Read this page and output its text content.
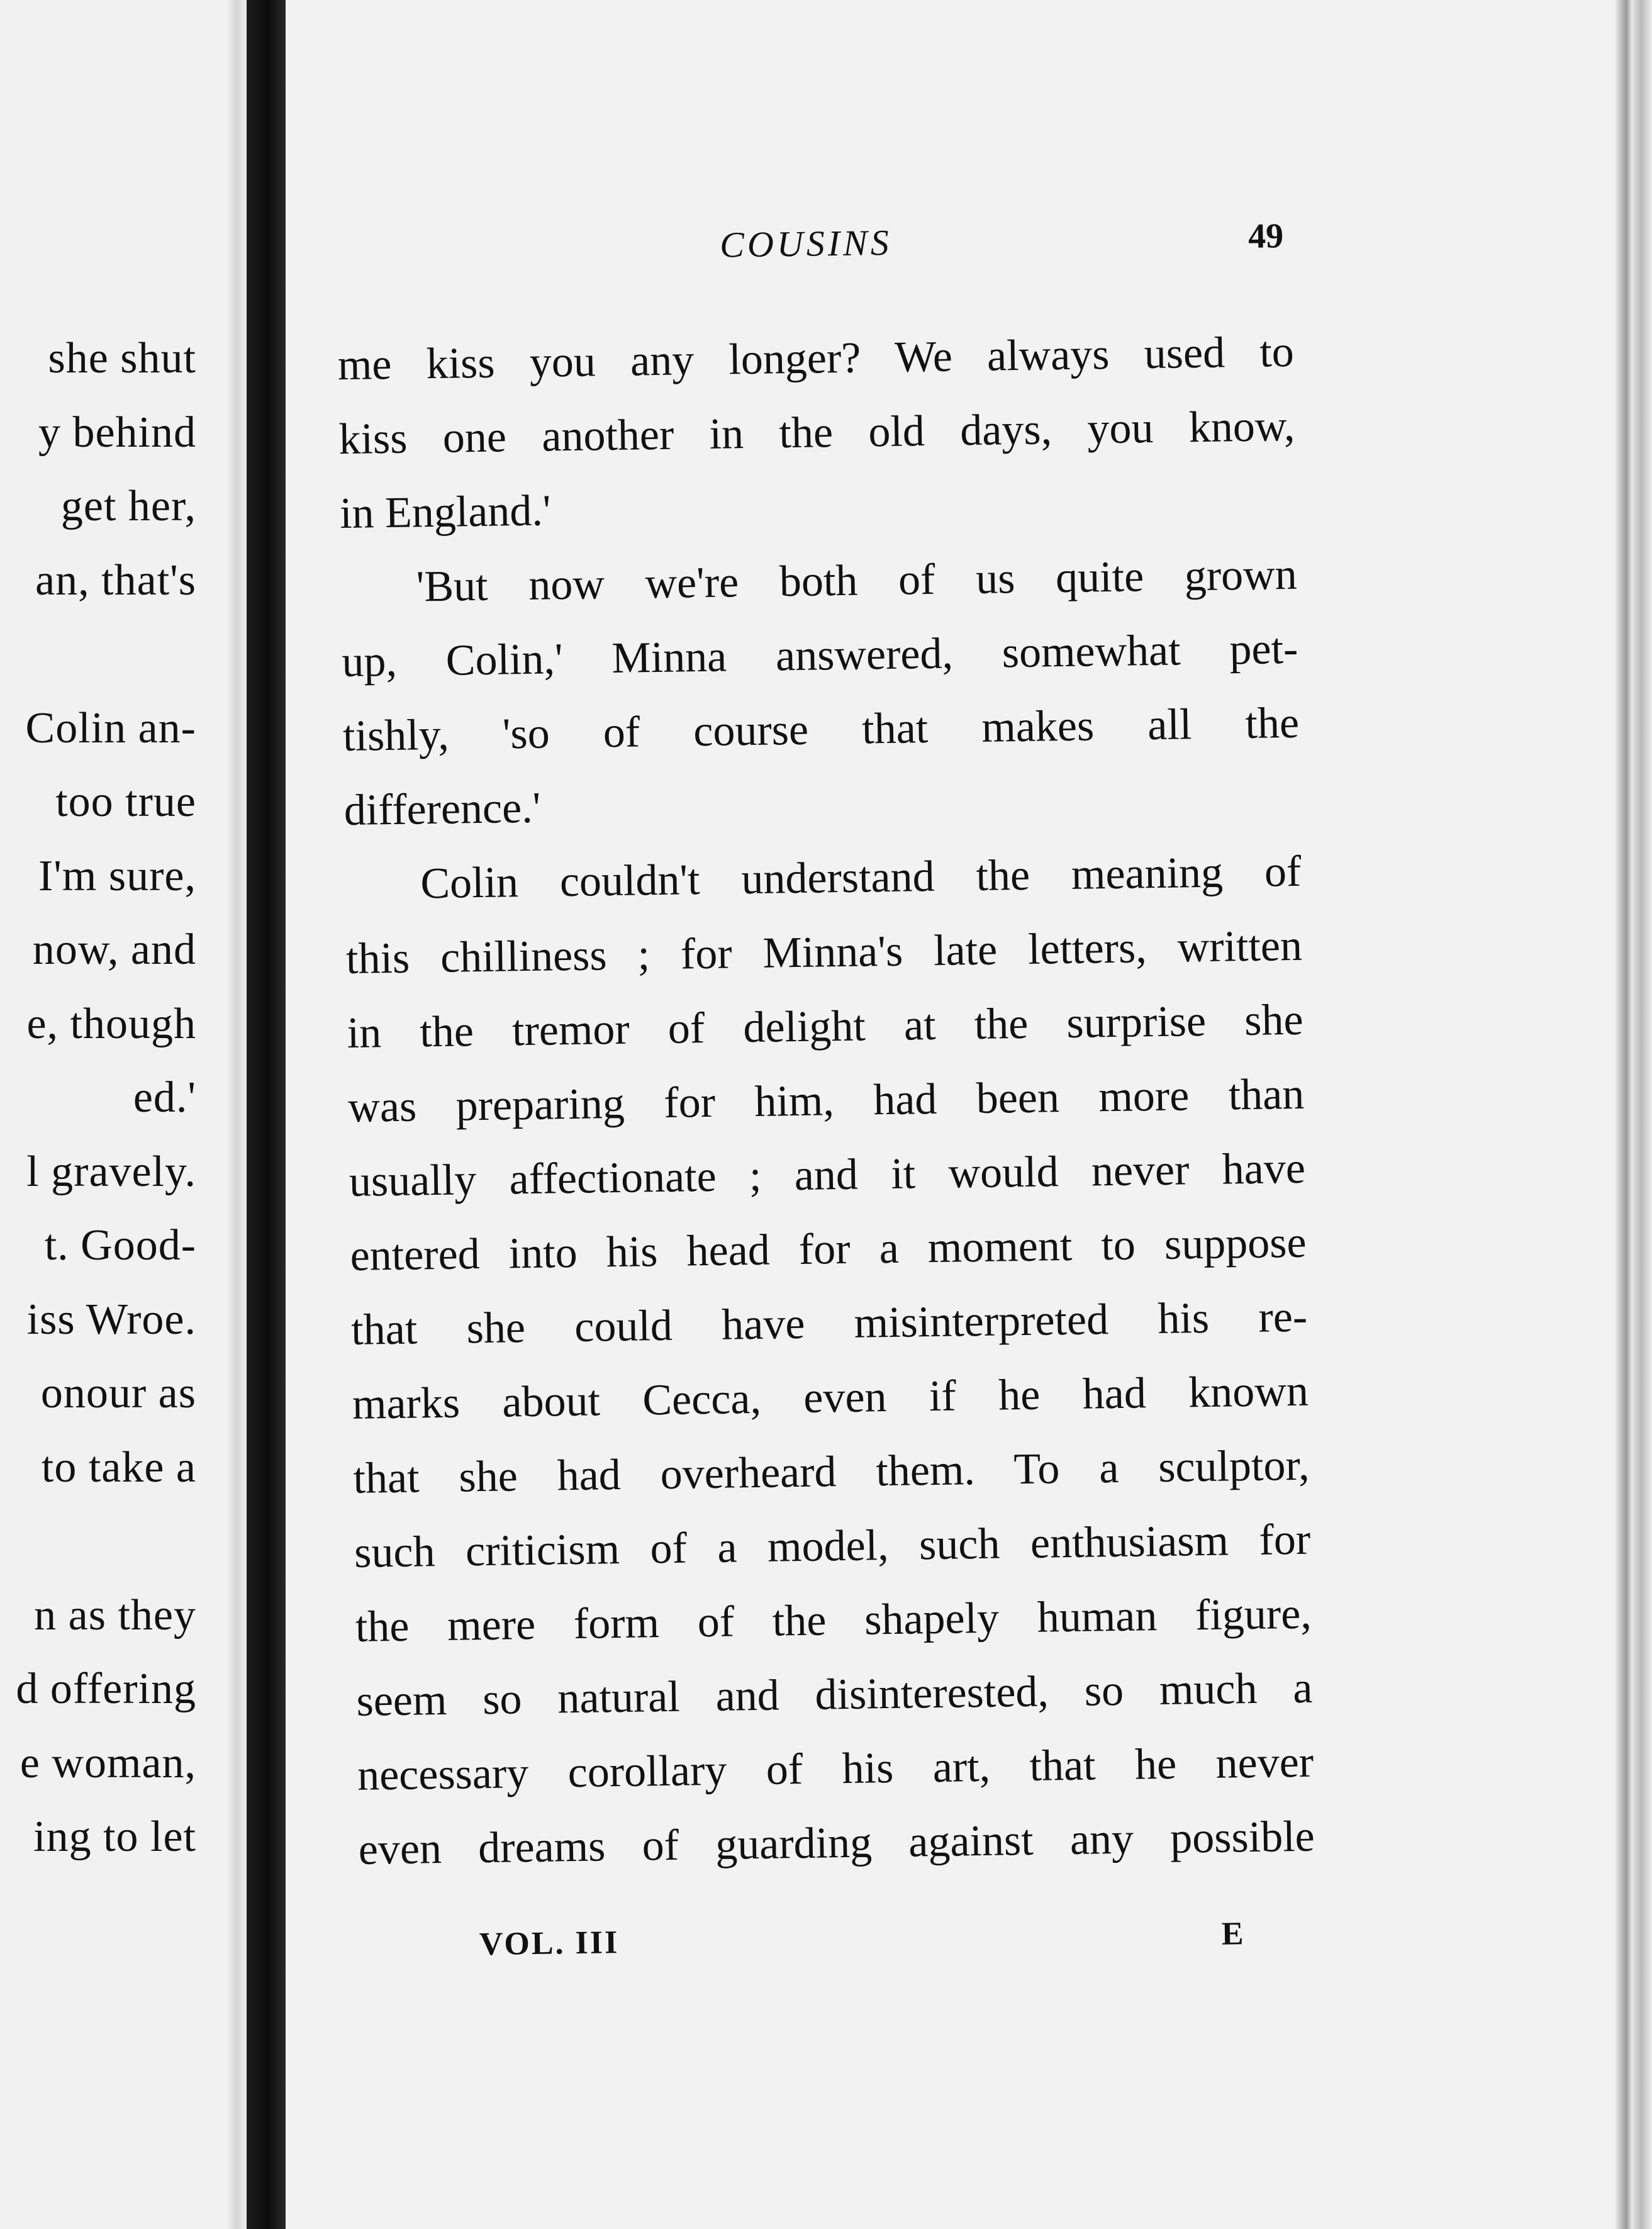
she shut
y behind
get her,
an, that's
Colin an-
too true
I'm sure,
now, and
e, though
ed.'
l gravely.
t. Good-
iss Wroe.
onour as
to take a
n as they
d offering
e woman,
ing to let
COUSINS	49
VOL. III	E
me kiss you any longer? We always used to
kiss one another in the old days, you know,
in England.'
'But now we're both of us quite grown
up, Colin,' Minna answered, somewhat pet-
tishly, 'so of course that makes all the
difference.'
Colin couldn't understand the meaning of
this chilliness ; for Minna's late letters, written
in the tremor of delight at the surprise she
was preparing for him, had been more than
usually affectionate ; and it would never have
entered into his head for a moment to suppose
that she could have misinterpreted his re-
marks about Cecca, even if he had known
that she had overheard them. To a sculptor,
such criticism of a model, such enthusiasm for
the mere form of the shapely human figure,
seem so natural and disinterested, so much a
necessary corollary of his art, that he never
even dreams of guarding against any possible
